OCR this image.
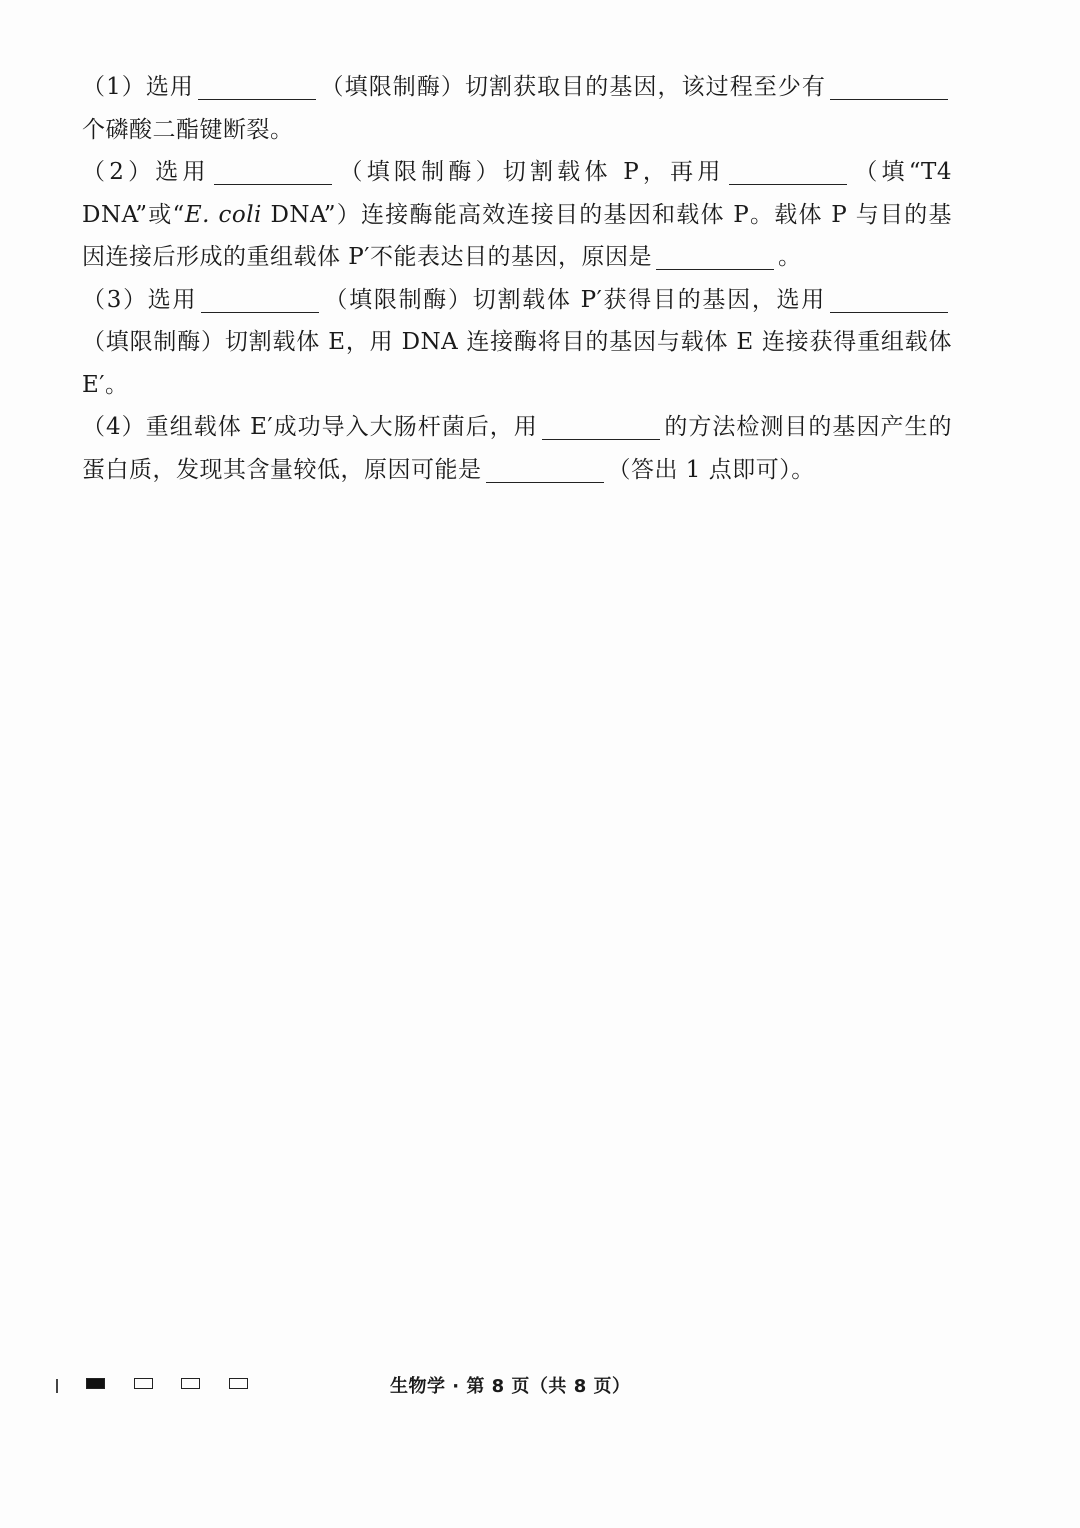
（1）选用	（填限制酶）切割获取目的基因，该过程至少有个磷酸二酯键断裂。

（2）选用	（填限制酶）切割载体 P，再用	（填“T4 DNA”或“E. coli DNA”）连接酶能高效连接目的基因和载体 P。载体 P 与目的基因连接后形成的重组载体 P′不能表达目的基因，原因是	。

（3）选用	（填限制酶）切割载体 P′获得目的基因，选用（填限制酶）切割载体 E，用 DNA 连接酶将目的基因与载体 E 连接获得重组载体 E′。

（4）重组载体 E′成功导入大肠杆菌后，用	的方法检测目的基因产生的蛋白质，发现其含量较低，原因可能是	（答出 1 点即可）。

生物学 · 第 8 页（共 8 页）
